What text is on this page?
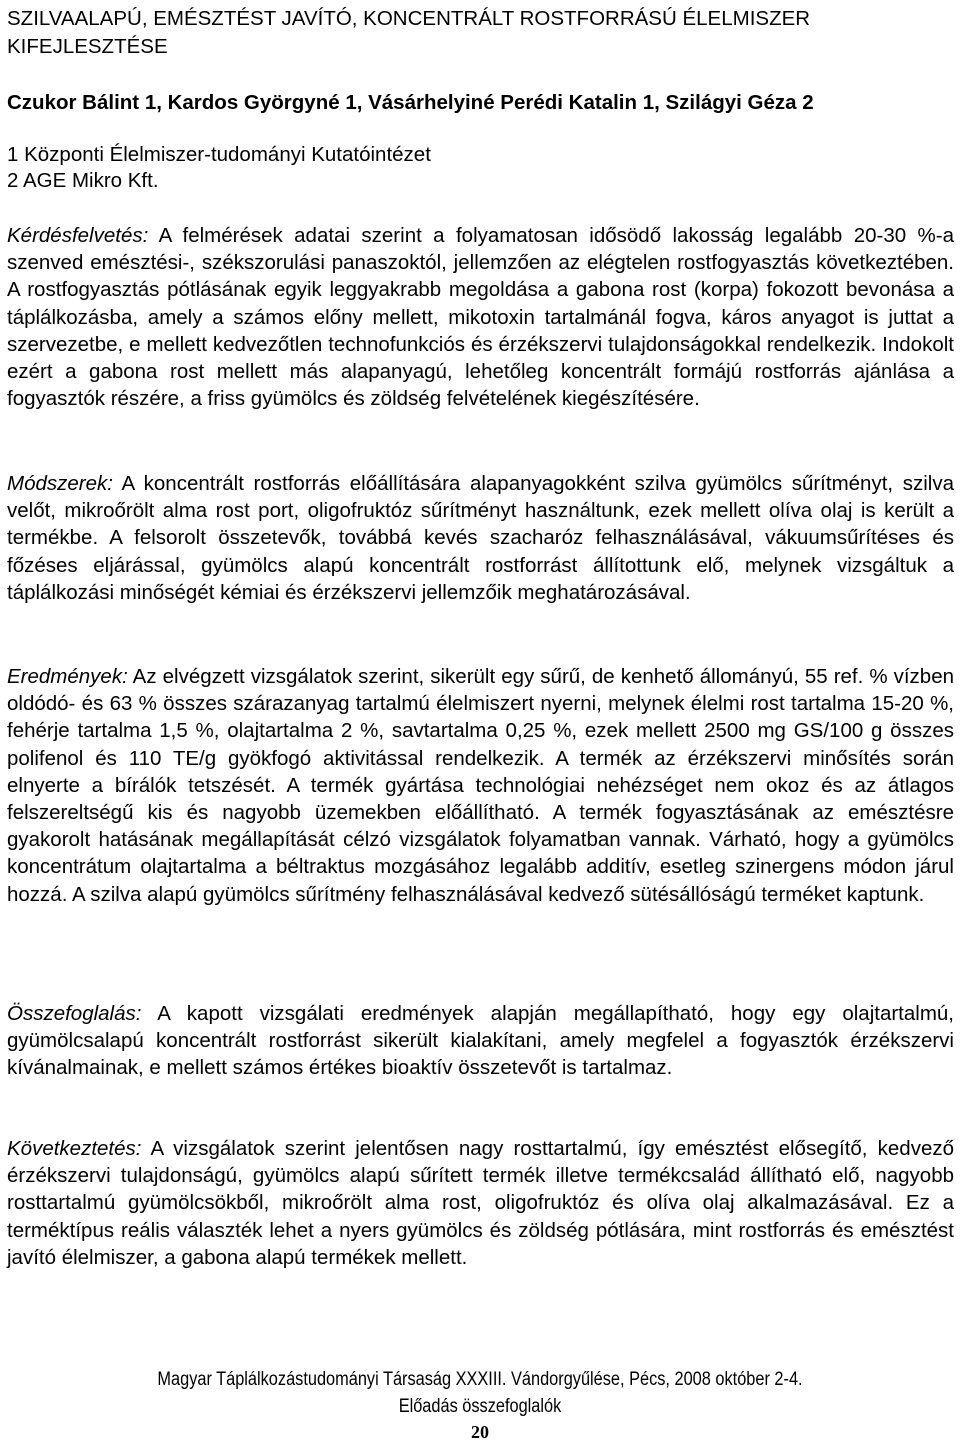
SZILVAALAPÚ, EMÉSZTÉST JAVÍTÓ, KONCENTRÁLT ROSTFORRÁSÚ ÉLELMISZER KIFEJLESZTÉSE

Czukor Bálint 1, Kardos Györgyné 1, Vásárhelyiné Perédi Katalin 1, Szilágyi Géza 2

1 Központi Élelmiszer-tudományi Kutatóintézet
2 AGE Mikro Kft.

Kérdésfelvetés: A felmérések adatai szerint a folyamatosan idősödő lakosság legalább 20-30 %-a szenved emésztési-, székszorulási panaszoktól, jellemzően az elégtelen rostfogyasztás következtében. A rostfogyasztás pótlásának egyik leggyakrabb megoldása a gabona rost (korpa) fokozott bevonása a táplálkozásba, amely a számos előny mellett, mikotoxin tartalmánál fogva, káros anyagot is juttat a szervezetbe, e mellett kedvezőtlen technofunkciós és érzékszervi tulajdonságokkal rendelkezik. Indokolt ezért a gabona rost mellett más alapanyagú, lehetőleg koncentrált formájú rostforrás ajánlása a fogyasztók részére, a friss gyümölcs és zöldség felvételének kiegészítésére.

Módszerek: A koncentrált rostforrás előállítására alapanyagokként szilva gyümölcs sűrítményt, szilva velőt, mikroőrölt alma rost port, oligofruktóz sűrítményt használtunk, ezek mellett olíva olaj is került a termékbe. A felsorolt összetevők, továbbá kevés szacharóz felhasználásával, vákuumsűrítéses és főzéses eljárással, gyümölcs alapú koncentrált rostforrást állítottunk elő, melynek vizsgáltuk a táplálkozási minőségét kémiai és érzékszervi jellemzőik meghatározásával.

Eredmények: Az elvégzett vizsgálatok szerint, sikerült egy sűrű, de kenhető állományú, 55 ref. % vízben oldódó- és 63 % összes szárazanyag tartalmú élelmiszert nyerni, melynek élelmi rost tartalma 15-20 %, fehérje tartalma 1,5 %, olajtartalma 2 %, savtartalma 0,25 %, ezek mellett 2500 mg GS/100 g összes polifenol és 110 TE/g gyökfogó aktivitással rendelkezik. A termék az érzékszervi minősítés során elnyerte a bírálók tetszését. A termék gyártása technológiai nehézséget nem okoz és az átlagos felszereltségű kis és nagyobb üzemekben előállítható. A termék fogyasztásának az emésztésre gyakorolt hatásának megállapítását célzó vizsgálatok folyamatban vannak. Várható, hogy a gyümölcs koncentrátum olajtartalma a béltraktus mozgásához legalább additív, esetleg szinergens módon járul hozzá. A szilva alapú gyümölcs sűrítmény felhasználásával kedvező sütésállóságú terméket kaptunk.

Összefoglalás: A kapott vizsgálati eredmények alapján megállapítható, hogy egy olajtartalmú, gyümölcsalapú koncentrált rostforrást sikerült kialakítani, amely megfelel a fogyasztók érzékszervi kívánalmainak, e mellett számos értékes bioaktív összetevőt is tartalmaz.

Következtetés: A vizsgálatok szerint jelentősen nagy rosttartalmú, így emésztést elősegítő, kedvező érzékszervi tulajdonságú, gyümölcs alapú sűrített termék illetve termékcsalád állítható elő, nagyobb rosttartalmú gyümölcsökből, mikroőrölt alma rost, oligofruktóz és olíva olaj alkalmazásával. Ez a terméktípus reális választék lehet a nyers gyümölcs és zöldség pótlására, mint rostforrás és emésztést javító élelmiszer, a gabona alapú termékek mellett.

Magyar Táplálkozástudományi Társaság XXXIII. Vándorgyűlése, Pécs, 2008 október 2-4.
Előadás összefoglalók
20
